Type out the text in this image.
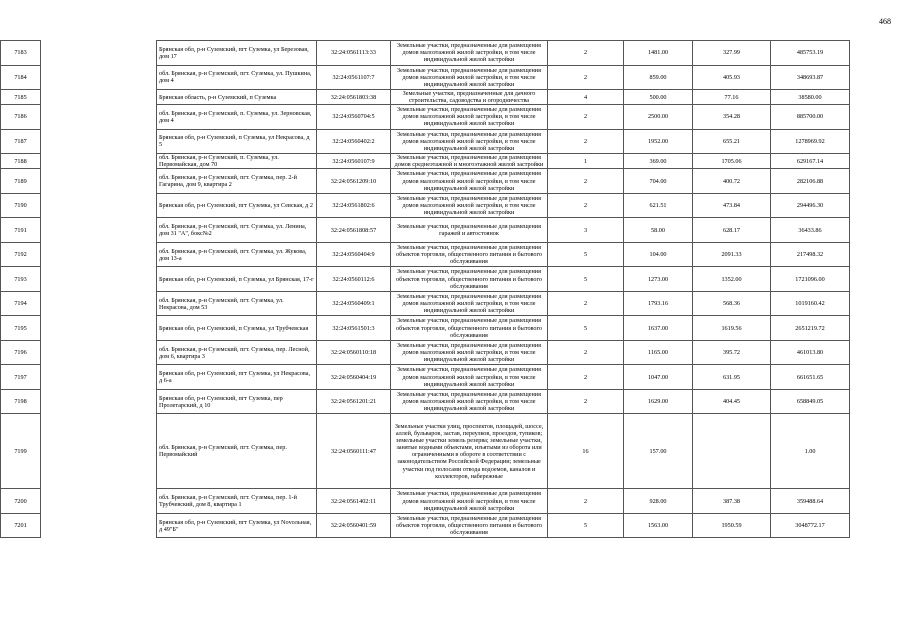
468
7183		Брянская обл, р-н Суземский, пгт Суземка, ул Березовая, дом 17	32:24:0561113:33	Земельные участки, предназначенные для размещения домов малоэтажной жилой застройки, в том числе индивидуальной жилой застройки	2	1481.00	327.99	485753.19
7184		обл. Брянская, р-н Суземский, пгт. Суземка, ул. Пушкина, дом 4	32:24:0561107:7	Земельные участки, предназначенные для размещения домов малоэтажной жилой застройки, в том числе индивидуальной жилой застройки	2	859.00	405.93	348693.87
7185		Брянская область, р-н Суземский, п Суземка	32:24:0561803:38	Земельные участки, предназначенные для дачного строительства, садоводства и огородничества	4	500.00	77.16	38580.00
7186		обл. Брянская, р-н Суземский, п. Суземка, ул. Зерновская, дом 4	32:24:0560704:5	Земельные участки, предназначенные для размещения домов малоэтажной жилой застройки, в том числе индивидуальной жилой застройки	2	2500.00	354.28	885700.00
7187		Брянская обл, р-н Суземский, п Суземка, ул Некрасова, д 5	32:24:0560402:2	Земельные участки, предназначенные для размещения домов малоэтажной жилой застройки, в том числе индивидуальной жилой застройки	2	1952.00	655.21	1278969.92
7188		обл. Брянская, р-н Суземский, п. Суземка, ул. Первомайская, дом 70	32:24:0560107:9	Земельные участки, предназначенные для размещения домов среднеэтажной и многоэтажной жилой застройки	1	369.00	1705.06	629167.14
7189		обл. Брянская, р-н Суземский, пгт. Суземка, пер. 2-й Гагарина, дом 9, квартира 2	32:24:0561209:10	Земельные участки, предназначенные для размещения домов малоэтажной жилой застройки, в том числе индивидуальной жилой застройки	2	704.00	400.72	282106.88
7190		Брянская обл, р-н Суземский, пгт Суземка, ул Севская, д 2	32:24:0561802:6	Земельные участки, предназначенные для размещения домов малоэтажной жилой застройки, в том числе индивидуальной жилой застройки	2	621.51	473.84	294496.30
7191		обл. Брянская, р-н Суземский, пгт. Суземка, ул. Ленина, дом 31 "А", бокс№2	32:24:0561808:57	Земельные участки, предназначенные для размещения гаражей и автостоянок	3	58.00	628.17	36433.86
7192		обл. Брянская, р-н Суземский, пгт. Суземка, ул. Жукова, дом 13-а	32:24:0560404:9	Земельные участки, предназначенные для размещения объектов торговли, общественного питания и бытового обслуживания	5	104.00	2091.33	217498.32
7193		Брянская обл, р-н Суземский, п Суземка, ул Брянская, 17-г	32:24:0560112:6	Земельные участки, предназначенные для размещения объектов торговли, общественного питания и бытового обслуживания	5	1273.00	1352.00	1721096.00
7194		обл. Брянская, р-н Суземский, пгт. Суземка, ул. Некрасова, дом 53	32:24:0560409:1	Земельные участки, предназначенные для размещения домов малоэтажной жилой застройки, в том числе индивидуальной жилой застройки	2	1793.16	568.36	1019160.42
7195		Брянская обл, р-н Суземский, п Суземка, ул Трубчевская	32:24:0561501:3	Земельные участки, предназначенные для размещения объектов торговли, общественного питания и бытового обслуживания	5	1637.00	1619.56	2651219.72
7196		обл. Брянская, р-н Суземский, пгт. Суземка, пер. Лесной, дом 6, квартира 3	32:24:0560110:18	Земельные участки, предназначенные для размещения домов малоэтажной жилой застройки, в том числе индивидуальной жилой застройки	2	1165.00	395.72	461013.80
7197		Брянская обл, р-н Суземский, пгт Суземка, ул Некрасова, д 6-а	32:24:0560404:19	Земельные участки, предназначенные для размещения домов малоэтажной жилой застройки, в том числе индивидуальной жилой застройки	2	1047.00	631.95	661651.65
7198		Брянская обл, р-н Суземский, пгт Суземка, пер Пролетарский, д 10	32:24:0561201:21	Земельные участки, предназначенные для размещения домов малоэтажной жилой застройки, в том числе индивидуальной жилой застройки	2	1629.00	404.45	658849.05
7199		обл. Брянская, р-н Суземский, пгт. Суземка, пер. Первомайский	32:24:0560111:47	Земельные участки улиц, проспектов, площадей, шоссе, аллей, бульваров, застав, переулков, проездов, тупиков; земельные участки земель резерва; земельные участки, занятые водными объектами, изъятыми из оборота или ограниченными в обороте в соответствии с законодательством Российской Федерации; земельные участки под полосами отвода водоемов, каналов и коллекторов, набережные	16	157.00		1.00
7200		обл. Брянская, р-н Суземский, пгт. Суземка, пер. 1-й Трубчевский, дом 8, квартира 1	32:24:0561402:11	Земельные участки, предназначенные для размещения домов малоэтажной жилой застройки, в том числе индивидуальной жилой застройки	2	928.00	387.38	359488.64
7201		Брянская обл, р-н Суземский, пгт Суземка, ул Novoльная, д 49"Б"	32:24:0560401:59	Земельные участки, предназначенные для размещения объектов торговли, общественного питания и бытового обслуживания	5	1563.00	1950.59	3048772.17
